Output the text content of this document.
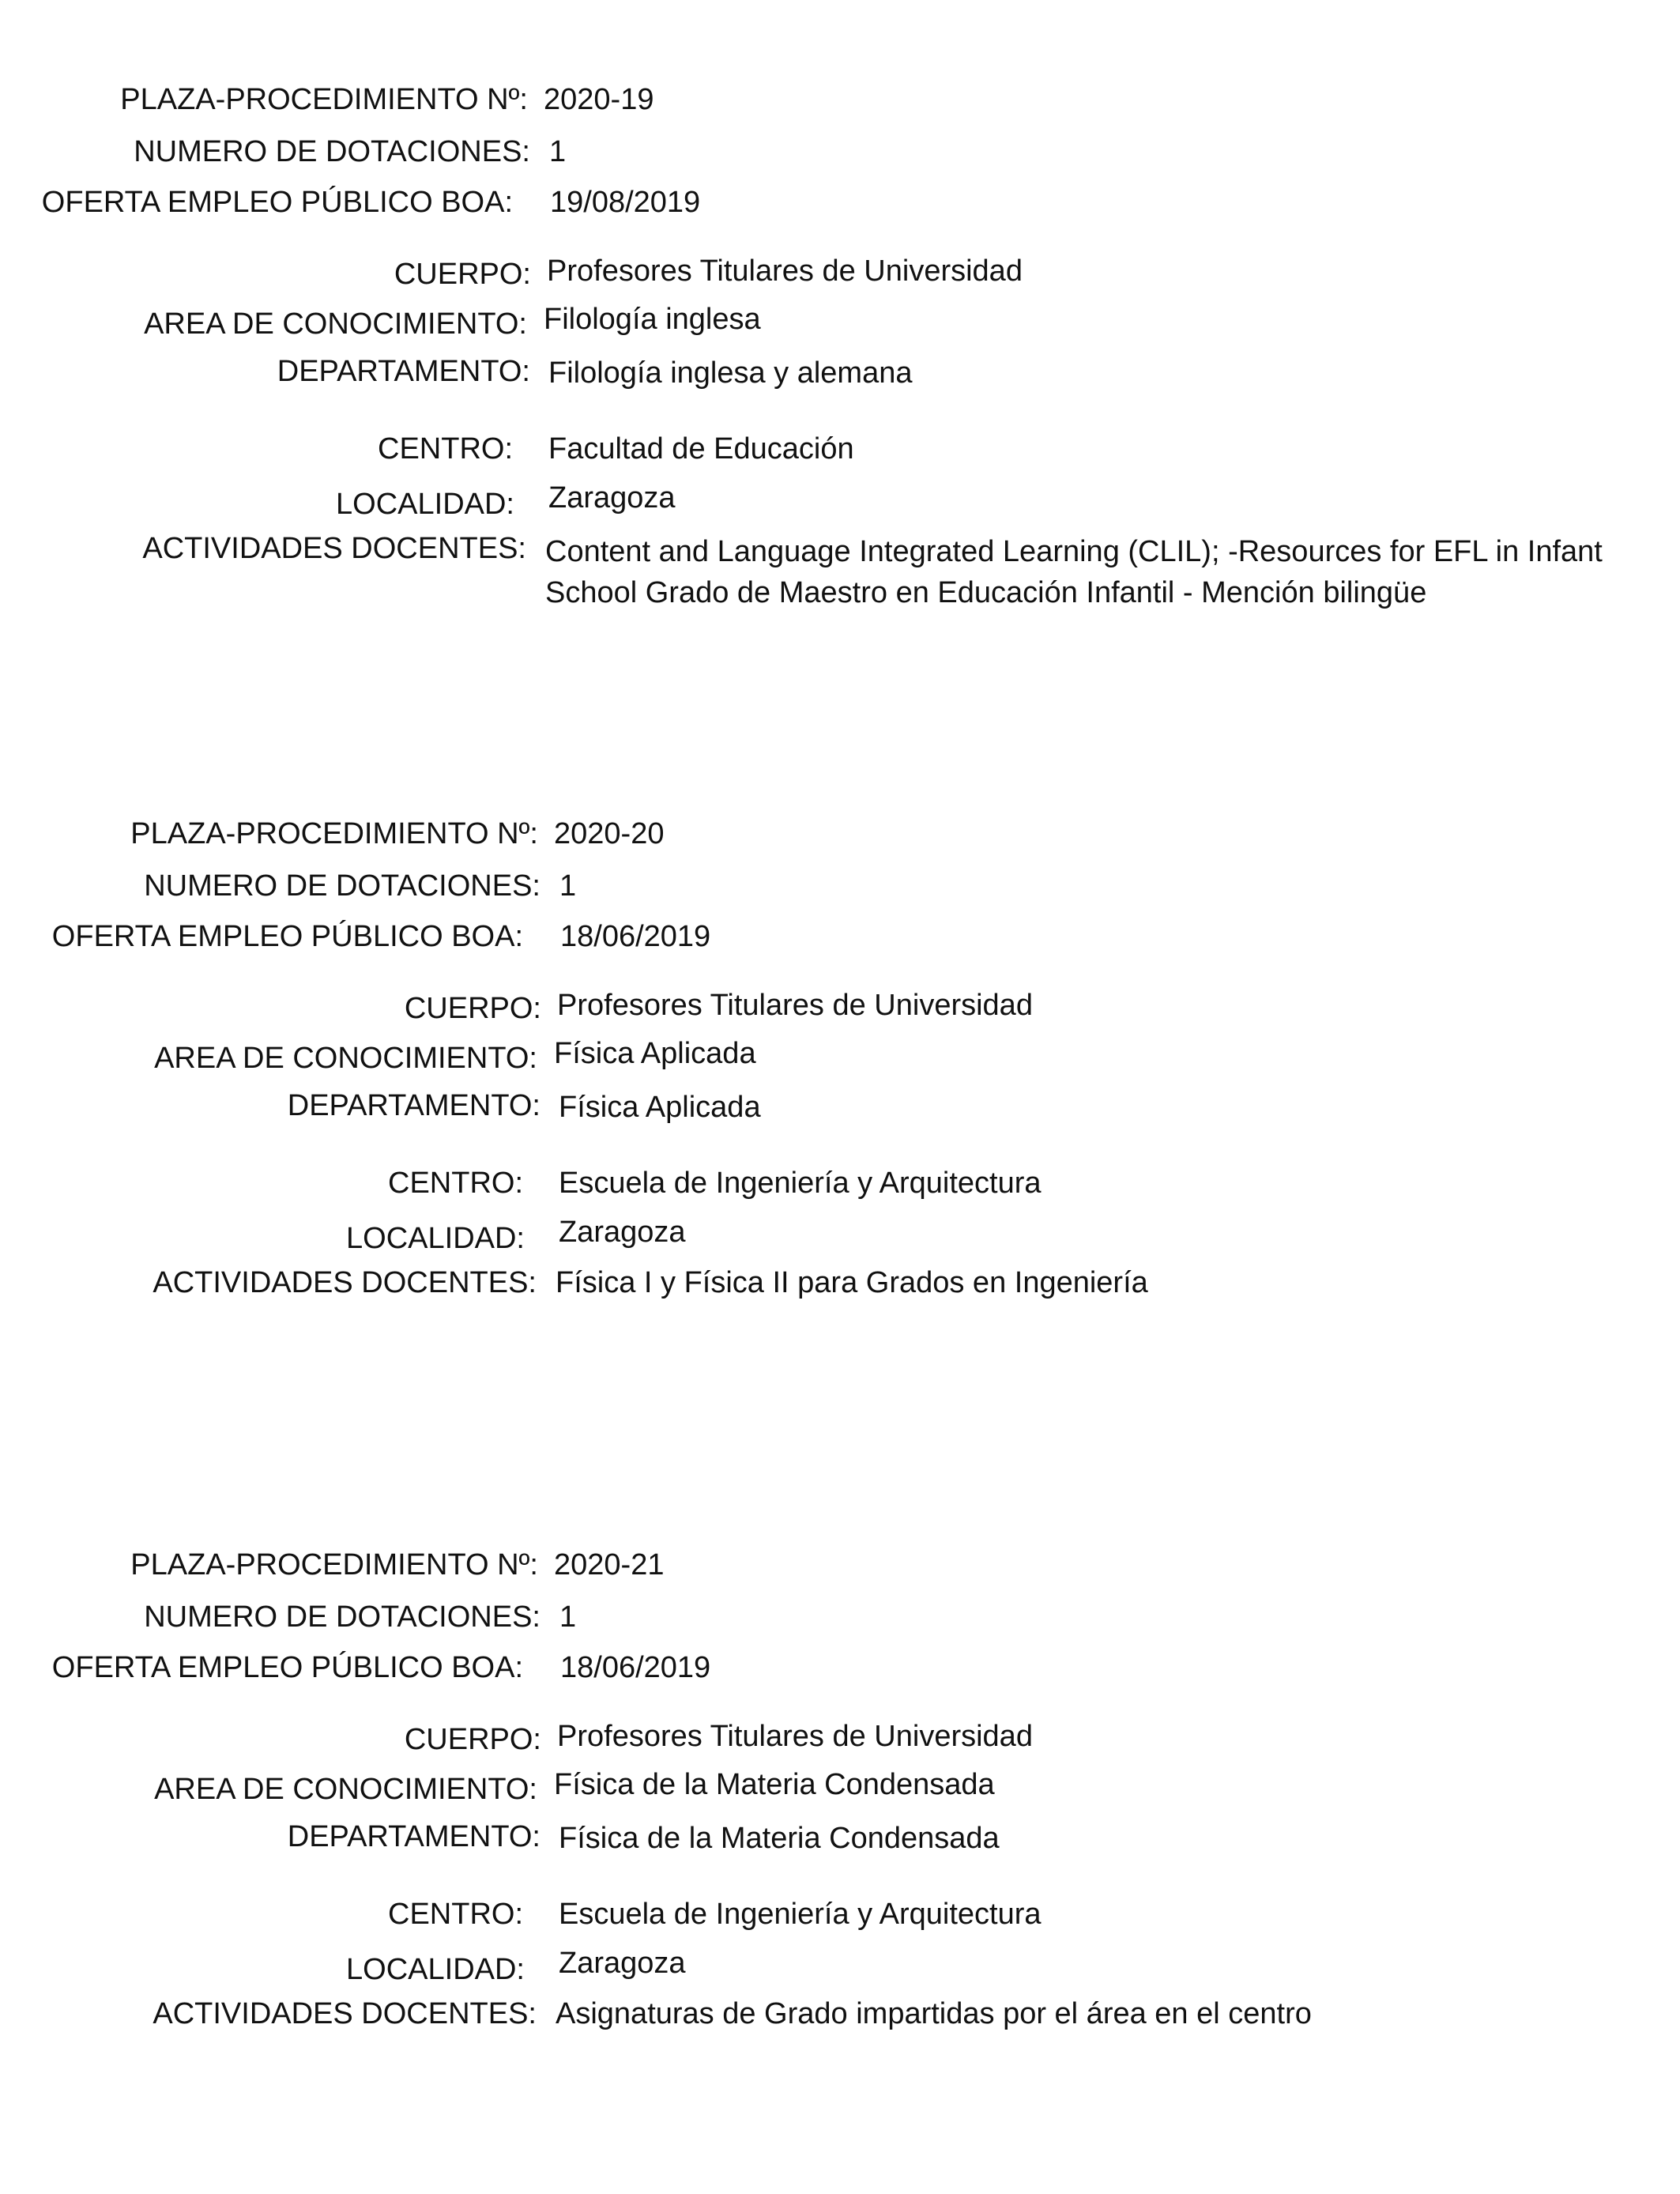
PLAZA-PROCEDIMIENTO Nº: 2020-19
NUMERO DE DOTACIONES: 1
OFERTA EMPLEO PÚBLICO BOA: 19/08/2019
CUERPO: Profesores Titulares de Universidad
AREA DE CONOCIMIENTO: Filología inglesa
DEPARTAMENTO: Filología inglesa y alemana
CENTRO: Facultad de Educación
LOCALIDAD: Zaragoza
ACTIVIDADES DOCENTES: Content and Language Integrated Learning (CLIL); -Resources for EFL in Infant School Grado de Maestro en Educación Infantil - Mención bilingüe
PLAZA-PROCEDIMIENTO Nº: 2020-20
NUMERO DE DOTACIONES: 1
OFERTA EMPLEO PÚBLICO BOA: 18/06/2019
CUERPO: Profesores Titulares de Universidad
AREA DE CONOCIMIENTO: Física Aplicada
DEPARTAMENTO: Física Aplicada
CENTRO: Escuela de Ingeniería y Arquitectura
LOCALIDAD: Zaragoza
ACTIVIDADES DOCENTES: Física I y Física II para Grados en Ingeniería
PLAZA-PROCEDIMIENTO Nº: 2020-21
NUMERO DE DOTACIONES: 1
OFERTA EMPLEO PÚBLICO BOA: 18/06/2019
CUERPO: Profesores Titulares de Universidad
AREA DE CONOCIMIENTO: Física de la Materia Condensada
DEPARTAMENTO: Física de la Materia Condensada
CENTRO: Escuela de Ingeniería y Arquitectura
LOCALIDAD: Zaragoza
ACTIVIDADES DOCENTES: Asignaturas de Grado impartidas por el área en el centro
